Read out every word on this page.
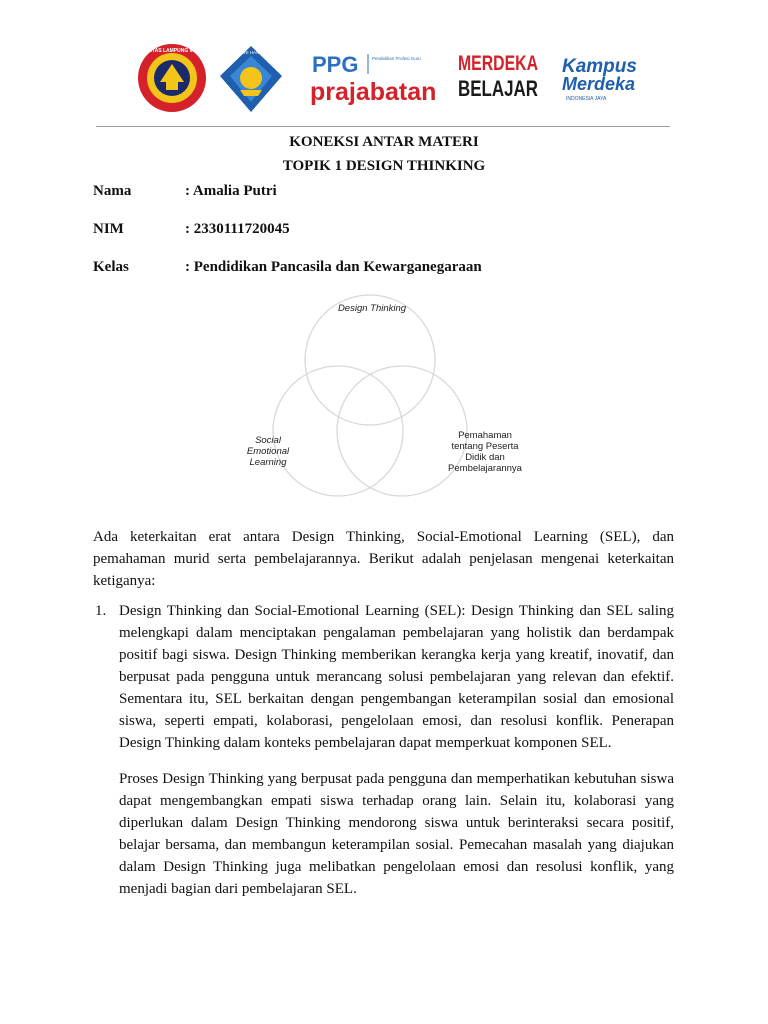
UNIVERSITAS LAMPUNG MAMPANG TUT WURI HANDAYANI PPG	Pendidikan Profesi Guru
prajabatan
MERDEKA
BELAJAR
Kampus
Merdeka
INDONESIA JAYA
KONEKSI ANTAR MATERI
TOPIK 1 DESIGN THINKING
Nama	: Amalia Putri
NIM	: 2330111720045
Kelas	: Pendidikan Pancasila dan Kewarganegaraan
Design Thinking
Social
Emotional
Learning
Pemahaman
tentang Peserta
Didik dan
Pembelajarannya

Ada keterkaitan erat antara Design Thinking, Social-Emotional Learning (SEL), dan pemahaman murid serta pembelajarannya. Berikut adalah penjelasan mengenai keterkaitan ketiganya:

1. Design Thinking dan Social-Emotional Learning (SEL): Design Thinking dan SEL saling melengkapi dalam menciptakan pengalaman pembelajaran yang holistik dan berdampak positif bagi siswa. Design Thinking memberikan kerangka kerja yang kreatif, inovatif, dan berpusat pada pengguna untuk merancang solusi pembelajaran yang relevan dan efektif. Sementara itu, SEL berkaitan dengan pengembangan keterampilan sosial dan emosional siswa, seperti empati, kolaborasi, pengelolaan emosi, dan resolusi konflik. Penerapan Design Thinking dalam konteks pembelajaran dapat memperkuat komponen SEL.

Proses Design Thinking yang berpusat pada pengguna dan memperhatikan kebutuhan siswa dapat mengembangkan empati siswa terhadap orang lain. Selain itu, kolaborasi yang diperlukan dalam Design Thinking mendorong siswa untuk berinteraksi secara positif, belajar bersama, dan membangun keterampilan sosial. Pemecahan masalah yang diajukan dalam Design Thinking juga melibatkan pengelolaan emosi dan resolusi konflik, yang menjadi bagian dari pembelajaran SEL.
